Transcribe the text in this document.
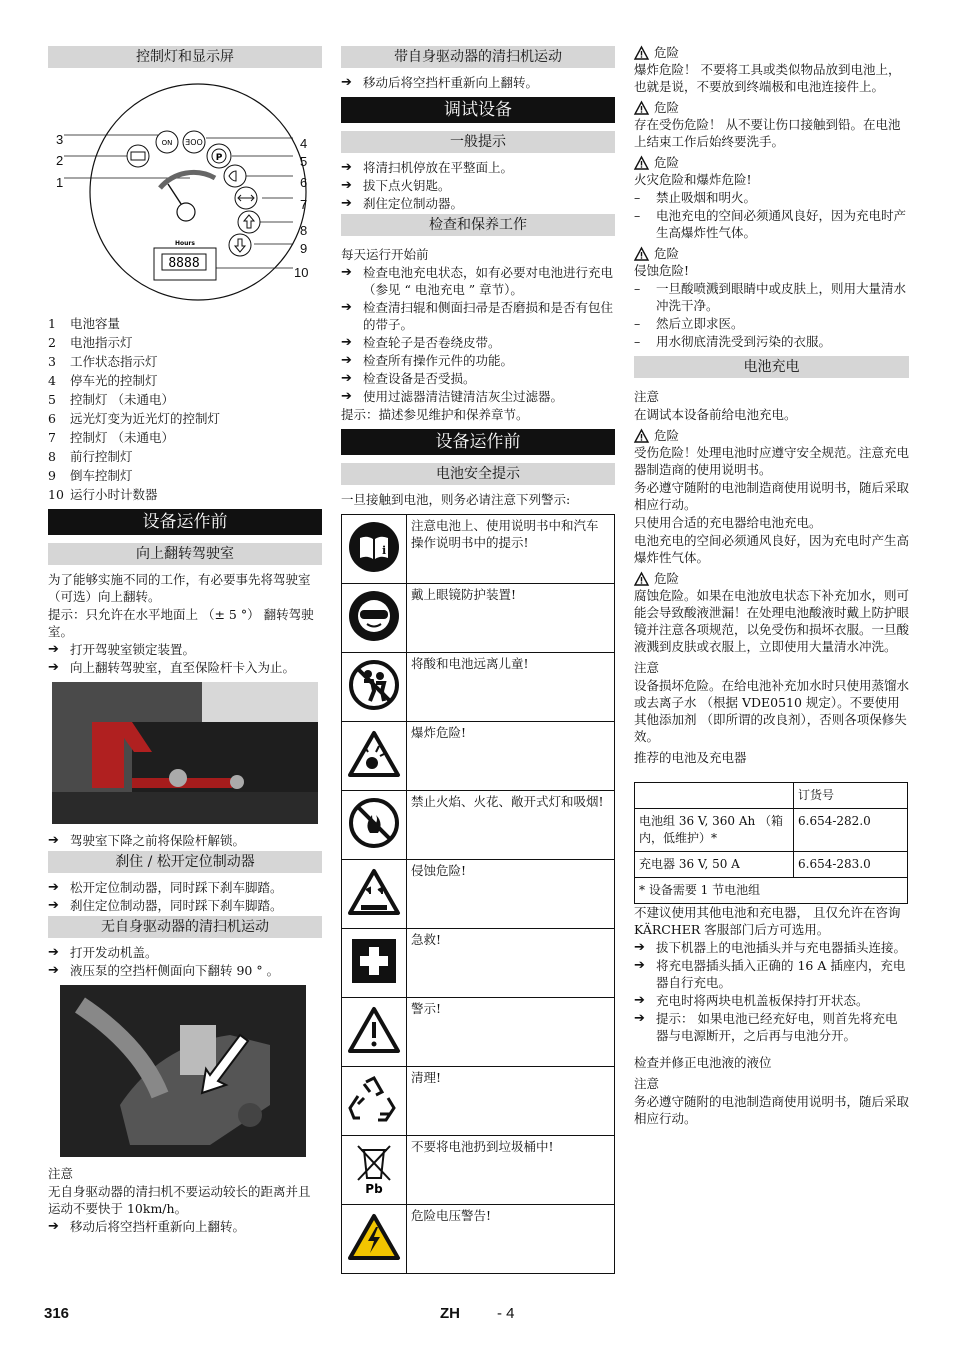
控制灯和显示屏
ON ƎOO
P
Hours
8888
3
2
1
4
5
6
7
8
9
10
1	电池容量
2	电池指示灯
3	工作状态指示灯
4	停车光的控制灯
5	控制灯 （未通电）
6	远光灯变为近光灯的控制灯
7	控制灯 （未通电）
8	前行控制灯
9	倒车控制灯
10 运行小时计数器
设备运作前
向上翻转驾驶室

为了能够实施不同的工作，有必要事先将驾驶室 （可选）向上翻转。

提示：只允许在水平地面上 （± 5 °） 翻转驾驶室。

➔ 打开驾驶室锁定装置。
➔ 向上翻转驾驶室，直至保险杆卡入为止。
➔ 驾驶室下降之前将保险杆解锁。
刹住 / 松开定位制动器
➔ 松开定位制动器，同时踩下刹车脚踏。
➔ 刹住定位制动器，同时踩下刹车脚踏。
无自身驱动器的清扫机运动
➔ 打开发动机盖。
➔ 液压泵的空挡杆侧面向下翻转 90 ° 。

注意

无自身驱动器的清扫机不要运动较长的距离并且运动不要快于 10km/h。

➔ 移动后将空挡杆重新向上翻转。
带自身驱动器的清扫机运动
➔ 移动后将空挡杆重新向上翻转。
调试设备
一般提示
➔ 将清扫机停放在平整面上。
➔ 拔下点火钥匙。
➔ 刹住定位制动器。
检查和保养工作

每天运行开始前

➔ 检查电池充电状态，如有必要对电池进行充电 （参见 “ 电池充电 ” 章节）。
➔ 检查清扫辊和侧面扫帚是否磨损和是否有包住的带子。
➔ 检查轮子是否卷绕皮带。
➔ 检查所有操作元件的功能。
➔ 检查设备是否受损。
➔ 使用过滤器清洁键清洁灰尘过滤器。

提示：描述参见维护和保养章节。

设备运作前
电池安全提示

一旦接触到电池，则务必请注意下列警示:

i	注意电池上、使用说明书中和汽车操作说明书中的提示!
	戴上眼镜防护装置!
	将酸和电池远离儿童!
	爆炸危险!
	禁止火焰、火花、敞开式灯和吸烟!
	侵蚀危险!
	急救!
	警示!
	清理!

Pb	不要将电池扔到垃圾桶中!
	危险电压警告!
危险

爆炸危险！ 不要将工具或类似物品放到电池上，也就是说，不要放到终端极和电池连接件上。

危险

存在受伤危险！ 从不要让伤口接触到铅。在电池上结束工作后始终要洗手。

危险

火灾危险和爆炸危险!

– 禁止吸烟和明火。
– 电池充电的空间必须通风良好，因为充电时产生高爆炸性气体。
危险

侵蚀危险!

– 一旦酸喷溅到眼睛中或皮肤上，则用大量清水冲洗干净。
– 然后立即求医。
– 用水彻底清洗受到污染的衣服。
电池充电

注意

在调试本设备前给电池充电。

危险

受伤危险！处理电池时应遵守安全规范。注意充电器制造商的使用说明书。

务必遵守随附的电池制造商使用说明书，随后采取相应行动。

只使用合适的充电器给电池充电。

电池充电的空间必须通风良好，因为充电时产生高爆炸性气体。

危险

腐蚀危险。如果在电池放电状态下补充加水，则可能会导致酸液泄漏！在处理电池酸液时戴上防护眼镜并注意各项规范，以免受伤和损坏衣服。一旦酸液溅到皮肤或衣服上，立即使用大量清水冲洗。

注意

设备损坏危险。在给电池补充加水时只使用蒸馏水或去离子水 （根据 VDE0510 规定）。不要使用其他添加剂 （即所谓的改良剂），否则各项保修失效。

推荐的电池及充电器

	订货号
电池组 36 V, 360 Ah （箱内，低维护）*	6.654-282.0
充电器 36 V, 50 A	6.654-283.0
* 设备需要 1 节电池组	

不建议使用其他电池和充电器， 且仅允许在咨询 KÄRCHER 客服部门后方可选用。

➔ 拔下机器上的电池插头并与充电器插头连接。
➔ 将充电器插头插入正确的 16 A 插座内，充电器自行充电。
➔ 充电时将两块电机盖板保持打开状态。
➔ 提示： 如果电池已经充好电，则首先将充电器与电源断开，之后再与电池分开。

检查并修正电池液的液位

注意

务必遵守随附的电池制造商使用说明书，随后采取相应行动。

316	ZH - 4
